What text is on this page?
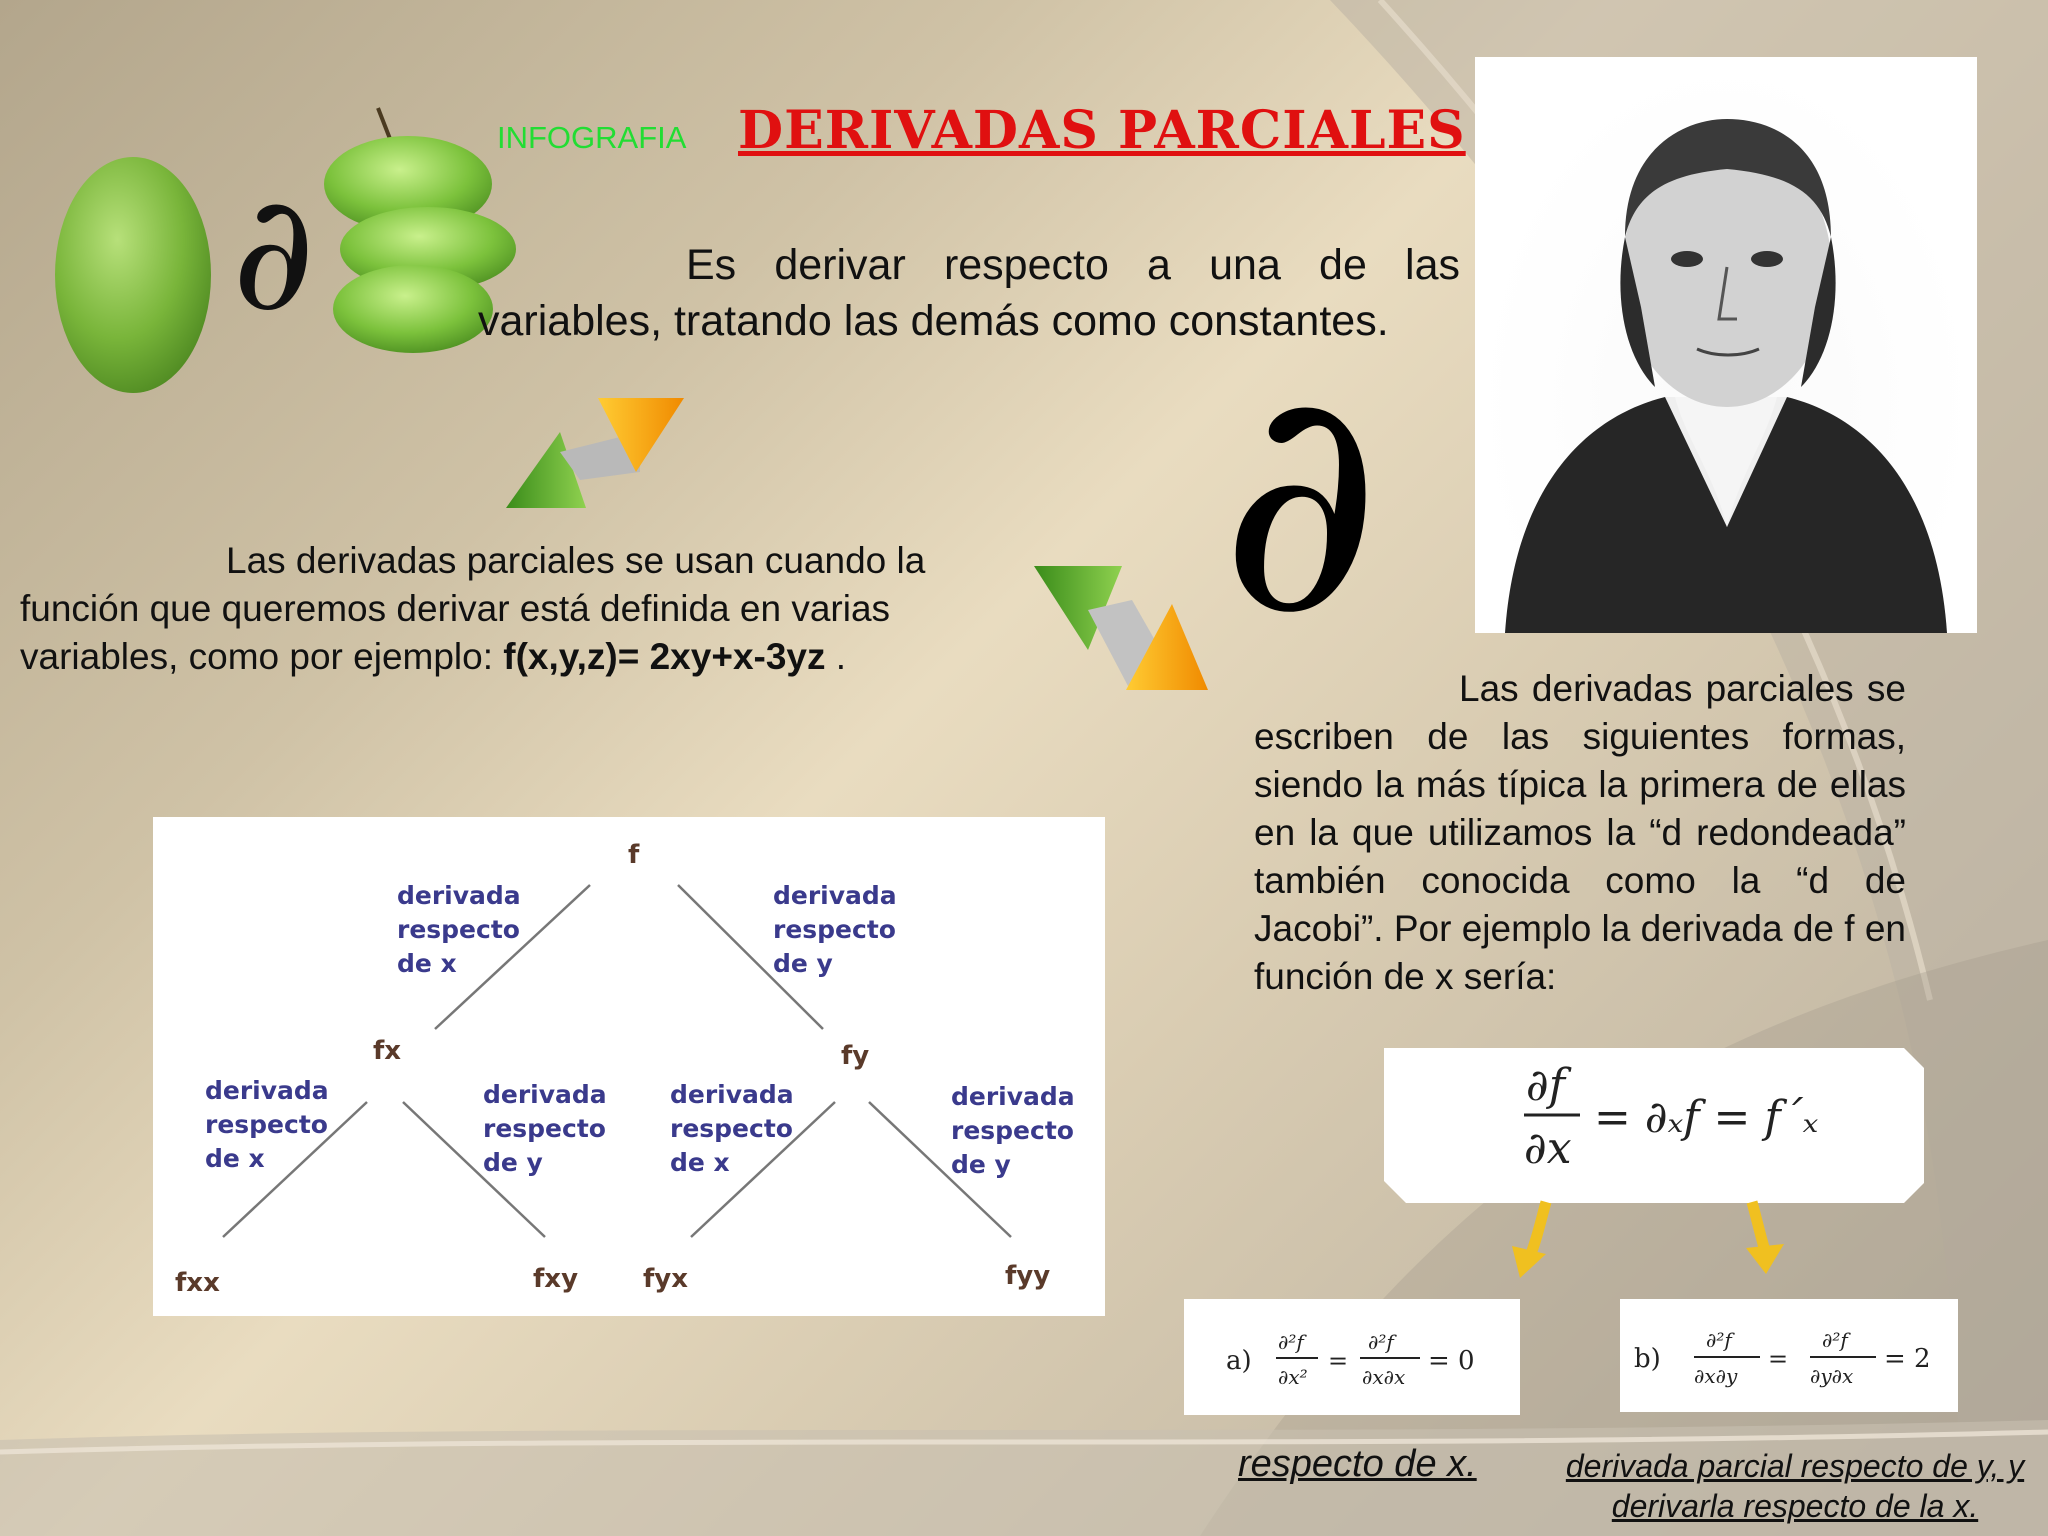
∂
INFOGRAFIA DERIVADAS PARCIALES
Es derivar respecto a una de las variables, tratando las demás como constantes.
Las derivadas parciales se usan cuando la función que queremos derivar está definida en varias variables, como por ejemplo: f(x,y,z)= 2xy+x-3yz .	∂
Las derivadas parciales se escriben de las siguientes formas, siendo la más típica la primera de ellas en la que utilizamos la “d redondeada” también conocida como la “d de Jacobi”. Por ejemplo la derivada de f en función de x sería:
f
fx	fy
fxx	fxy fyx	fyy
derivada
respecto
de x
derivada
respecto
de y
derivada
respecto
de x
derivada
respecto
de y
derivada
respecto
de x
derivada
respecto
de y
∂f
∂x
= ∂ₓf = f΄ₓ
a)
∂²f
∂x²
=
∂²f
∂x∂x
= 0	b)
∂²f
∂x∂y
=
∂²f
∂y∂x
= 2
respecto de x.	derivada parcial respecto de y, y derivarla respecto de la x.
